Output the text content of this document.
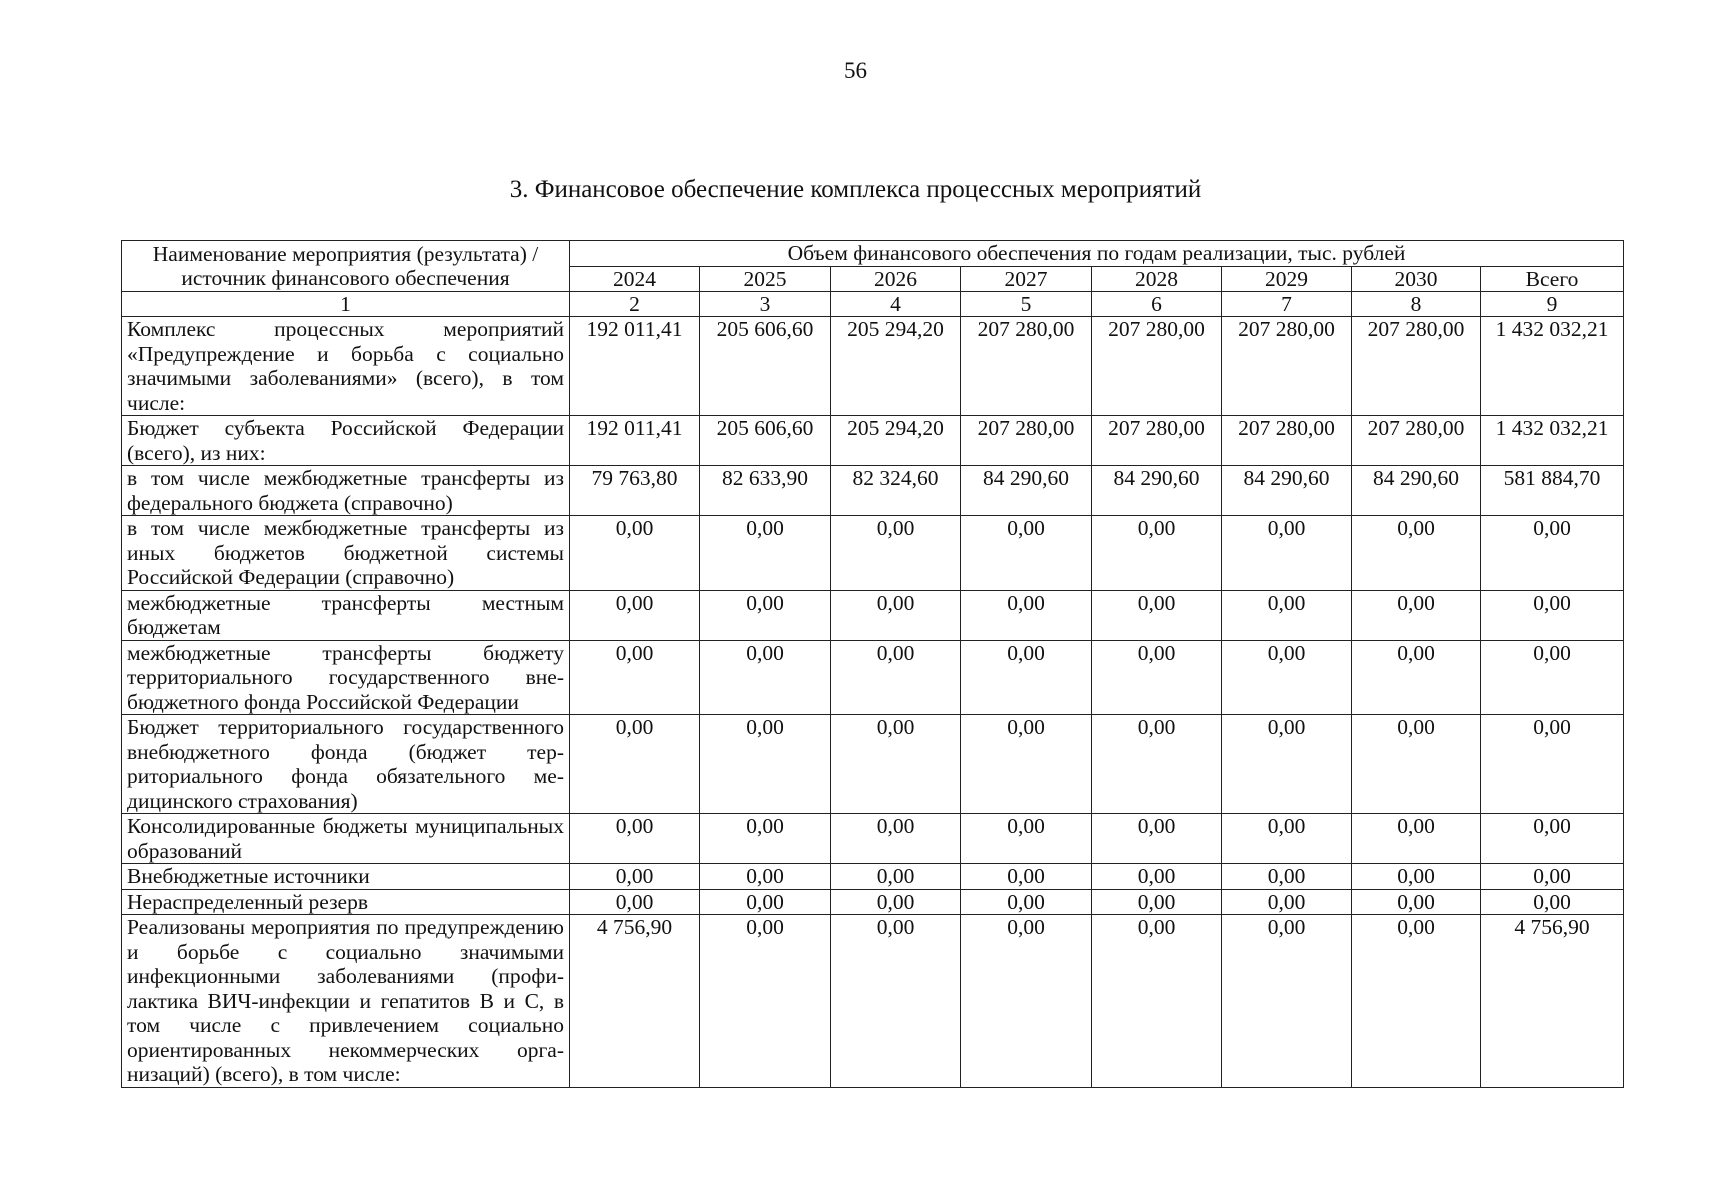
56
3. Финансовое обеспечение комплекса процессных мероприятий
Наименование мероприятия (результата) / источник финансового обеспечения	Объем финансового обеспечения по годам реализации, тыс. рублей							
	2024	2025	2026	2027	2028	2029	2030	Всего
1	2	3	4	5	6	7	8	9
Комплекс процессных мероприятий «Предупреждение и борьба с социально значимыми заболеваниями» (всего), в том числе:	192 011,41	205 606,60	205 294,20	207 280,00	207 280,00	207 280,00	207 280,00	1 432 032,21
Бюджет субъекта Российской Федерации (всего), из них:	192 011,41	205 606,60	205 294,20	207 280,00	207 280,00	207 280,00	207 280,00	1 432 032,21
в том числе межбюджетные трансферты из федерального бюджета (справочно)	79 763,80	82 633,90	82 324,60	84 290,60	84 290,60	84 290,60	84 290,60	581 884,70
в том числе межбюджетные трансферты из иных бюджетов бюджетной системы Российской Федерации (справочно)	0,00	0,00	0,00	0,00	0,00	0,00	0,00	0,00
межбюджетные трансферты местным бюджетам	0,00	0,00	0,00	0,00	0,00	0,00	0,00	0,00
межбюджетные трансферты бюджету территориального государственного внебюджетного фонда Российской Федерации	0,00	0,00	0,00	0,00	0,00	0,00	0,00	0,00
Бюджет территориального государственного внебюджетного фонда (бюджет территориального фонда обязательного медицинского страхования)	0,00	0,00	0,00	0,00	0,00	0,00	0,00	0,00
Консолидированные бюджеты муниципальных образований	0,00	0,00	0,00	0,00	0,00	0,00	0,00	0,00
Внебюджетные источники	0,00	0,00	0,00	0,00	0,00	0,00	0,00	0,00
Нераспределенный резерв	0,00	0,00	0,00	0,00	0,00	0,00	0,00	0,00
Реализованы мероприятия по предупреждению и борьбе с социально значимыми инфекционными заболеваниями (профилактика ВИЧ-инфекции и гепатитов В и С, в том числе с привлечением социально ориентированных некоммерческих организаций) (всего), в том числе:	4 756,90	0,00	0,00	0,00	0,00	0,00	0,00	4 756,90
